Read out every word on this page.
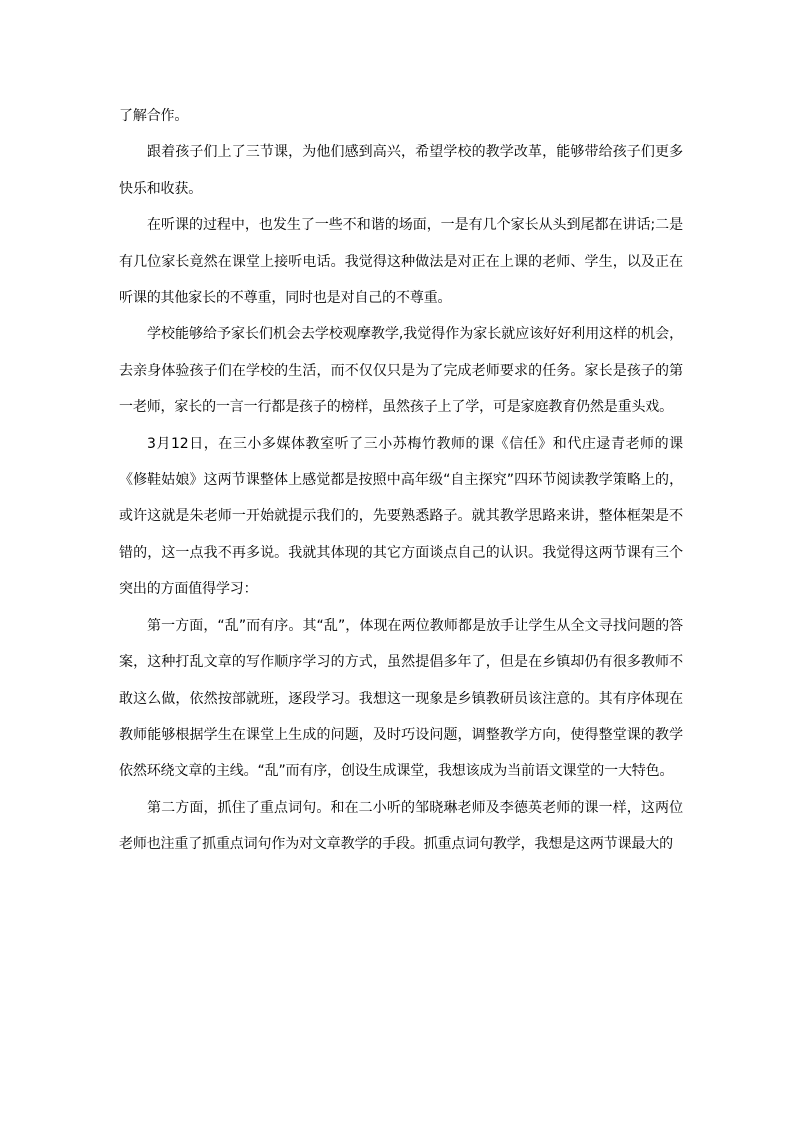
了解合作。

跟着孩子们上了三节课，为他们感到高兴，希望学校的教学改革，能够带给孩子们更多快乐和收获。

在听课的过程中，也发生了一些不和谐的场面，一是有几个家长从头到尾都在讲话;二是有几位家长竟然在课堂上接听电话。我觉得这种做法是对正在上课的老师、学生，以及正在听课的其他家长的不尊重，同时也是对自己的不尊重。

学校能够给予家长们机会去学校观摩教学,我觉得作为家长就应该好好利用这样的机会，去亲身体验孩子们在学校的生活，而不仅仅只是为了完成老师要求的任务。家长是孩子的第一老师，家长的一言一行都是孩子的榜样，虽然孩子上了学，可是家庭教育仍然是重头戏。

3月12日，在三小多媒体教室听了三小苏梅竹教师的课《信任》和代庄逯青老师的课《修鞋姑娘》这两节课整体上感觉都是按照中高年级“自主探究”四环节阅读教学策略上的，或许这就是朱老师一开始就提示我们的，先要熟悉路子。就其教学思路来讲，整体框架是不错的，这一点我不再多说。我就其体现的其它方面谈点自己的认识。我觉得这两节课有三个突出的方面值得学习：

第一方面，“乱”而有序。其“乱”，体现在两位教师都是放手让学生从全文寻找问题的答案，这种打乱文章的写作顺序学习的方式，虽然提倡多年了，但是在乡镇却仍有很多教师不敢这么做，依然按部就班，逐段学习。我想这一现象是乡镇教研员该注意的。其有序体现在教师能够根据学生在课堂上生成的问题，及时巧设问题，调整教学方向，使得整堂课的教学依然环绕文章的主线。“乱”而有序，创设生成课堂，我想该成为当前语文课堂的一大特色。

第二方面，抓住了重点词句。和在二小听的邹晓琳老师及李德英老师的课一样，这两位老师也注重了抓重点词句作为对文章教学的手段。抓重点词句教学，我想是这两节课最大的
